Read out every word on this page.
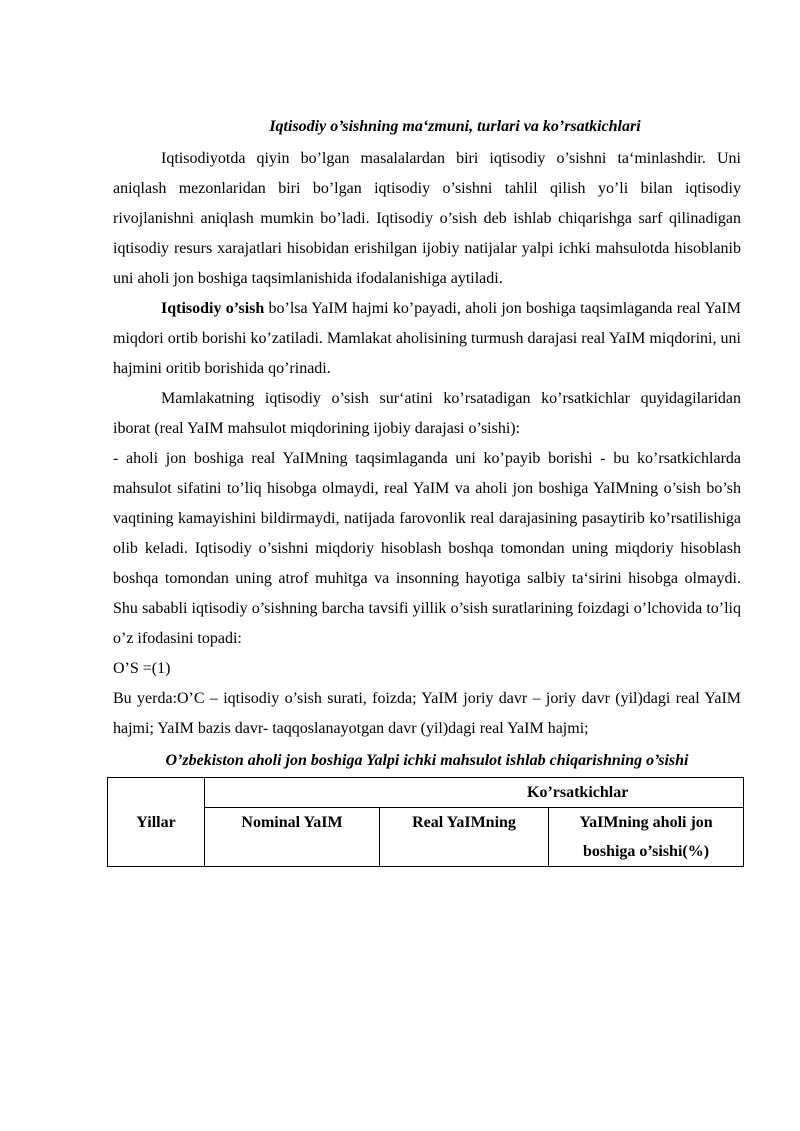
Iqtisodiy o’sishning ma‘zmuni, turlari va ko’rsatkichlari

Iqtisodiyotda qiyin bo’lgan masalalardan biri iqtisodiy o’sishni ta‘minlashdir. Uni aniqlash mezonlaridan biri bo’lgan iqtisodiy o’sishni tahlil qilish yo’li bilan iqtisodiy rivojlanishni aniqlash mumkin bo’ladi. Iqtisodiy o’sish deb ishlab chiqarishga sarf qilinadigan iqtisodiy resurs xarajatlari hisobidan erishilgan ijobiy natijalar yalpi ichki mahsulotda hisoblanib uni aholi jon boshiga taqsimlanishida ifodalanishiga aytiladi.

Iqtisodiy o’sish bo’lsa YaIM hajmi ko’payadi, aholi jon boshiga taqsimlaganda real YaIM miqdori ortib borishi ko’zatiladi. Mamlakat aholisining turmush darajasi real YaIM miqdorini, uni hajmini oritib borishida qo’rinadi.

Mamlakatning iqtisodiy o’sish sur‘atini ko’rsatadigan ko’rsatkichlar quyidagilaridan iborat (real YaIM mahsulot miqdorining ijobiy darajasi o’sishi):

- aholi jon boshiga real YaIMning taqsimlaganda uni ko’payib borishi - bu ko’rsatkichlarda mahsulot sifatini to’liq hisobga olmaydi, real YaIM va aholi jon boshiga YaIMning o’sish bo’sh vaqtining kamayishini bildirmaydi, natijada farovonlik real darajasining pasaytirib ko’rsatilishiga olib keladi. Iqtisodiy o’sishni miqdoriy hisoblash boshqa tomondan uning miqdoriy hisoblash boshqa tomondan uning atrof muhitga va insonning hayotiga salbiy ta‘sirini hisobga olmaydi. Shu sababli iqtisodiy o’sishning barcha tavsifi yillik o’sish suratlarining foizdagi o’lchovida to’liq o’z ifodasini topadi:

O’S =(1)

Bu yerda:O’C – iqtisodiy o’sish surati, foizda; YaIM joriy davr – joriy davr (yil)dagi real YaIM hajmi; YaIM bazis davr- taqqoslanayotgan davr (yil)dagi real YaIM hajmi;

O’zbekiston aholi jon boshiga Yalpi ichki mahsulot ishlab chiqarishning o’sishi
Yillar	Ko’rsatkichlar		
	Nominal YaIM	Real YaIMning	YaIMning aholi jon boshiga o’sishi(%)
